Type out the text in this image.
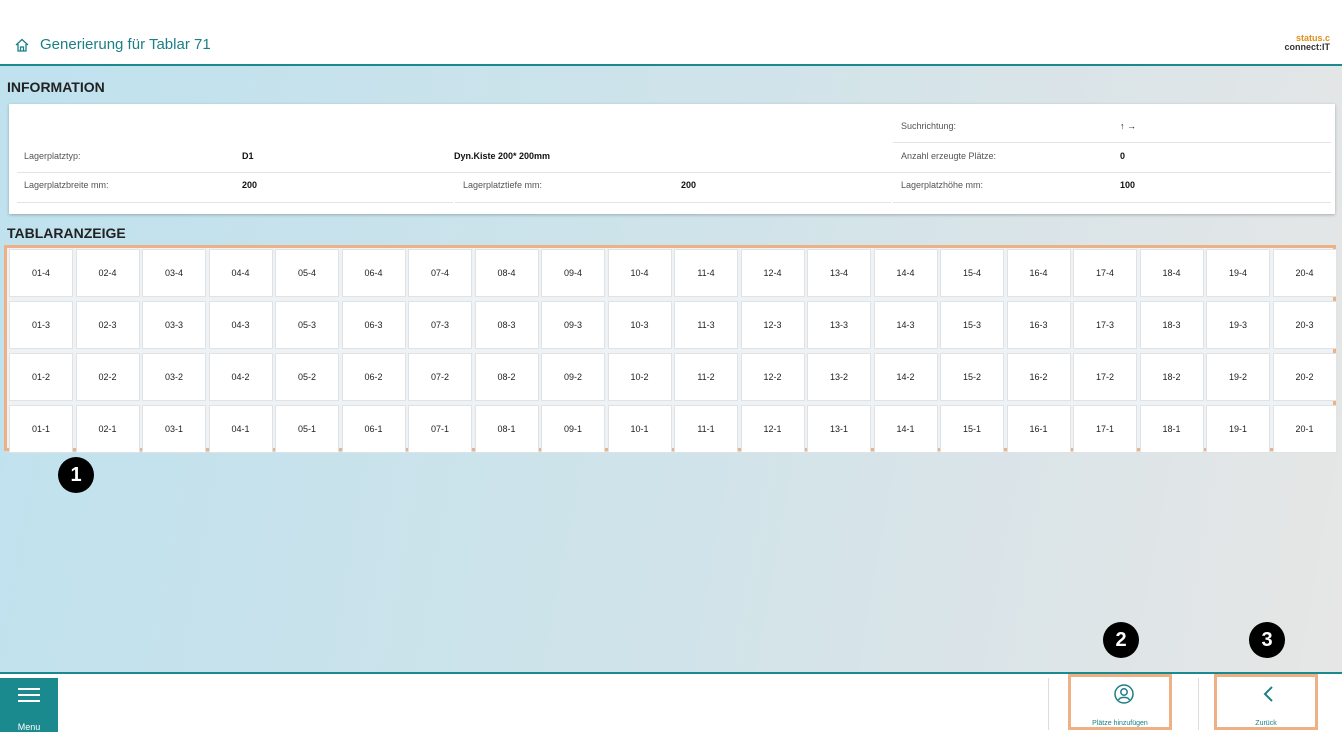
Generierung für Tablar 71	status.c
connect:IT
INFORMATION
Suchrichtung:	↑ →
Lagerplatztyp:	D1	Dyn.Kiste 200* 200mm	Anzahl erzeugte Plätze:	0
Lagerplatzbreite mm:	200	Lagerplatztiefe mm:	200	Lagerplatzhöhe mm:	100
TABLARANZEIGE
01-4	02-4	03-4	04-4	05-4	06-4	07-4	08-4	09-4	10-4	11-4	12-4	13-4	14-4	15-4	16-4	17-4	18-4	19-4	20-4
01-3	02-3	03-3	04-3	05-3	06-3	07-3	08-3	09-3	10-3	11-3	12-3	13-3	14-3	15-3	16-3	17-3	18-3	19-3	20-3
01-2	02-2	03-2	04-2	05-2	06-2	07-2	08-2	09-2	10-2	11-2	12-2	13-2	14-2	15-2	16-2	17-2	18-2	19-2	20-2
01-1	02-1	03-1	04-1	05-1	06-1	07-1	08-1	09-1	10-1	11-1	12-1	13-1	14-1	15-1	16-1	17-1	18-1	19-1	20-1
1
2	3
Menu	Plätze hinzufügen	Zurück
